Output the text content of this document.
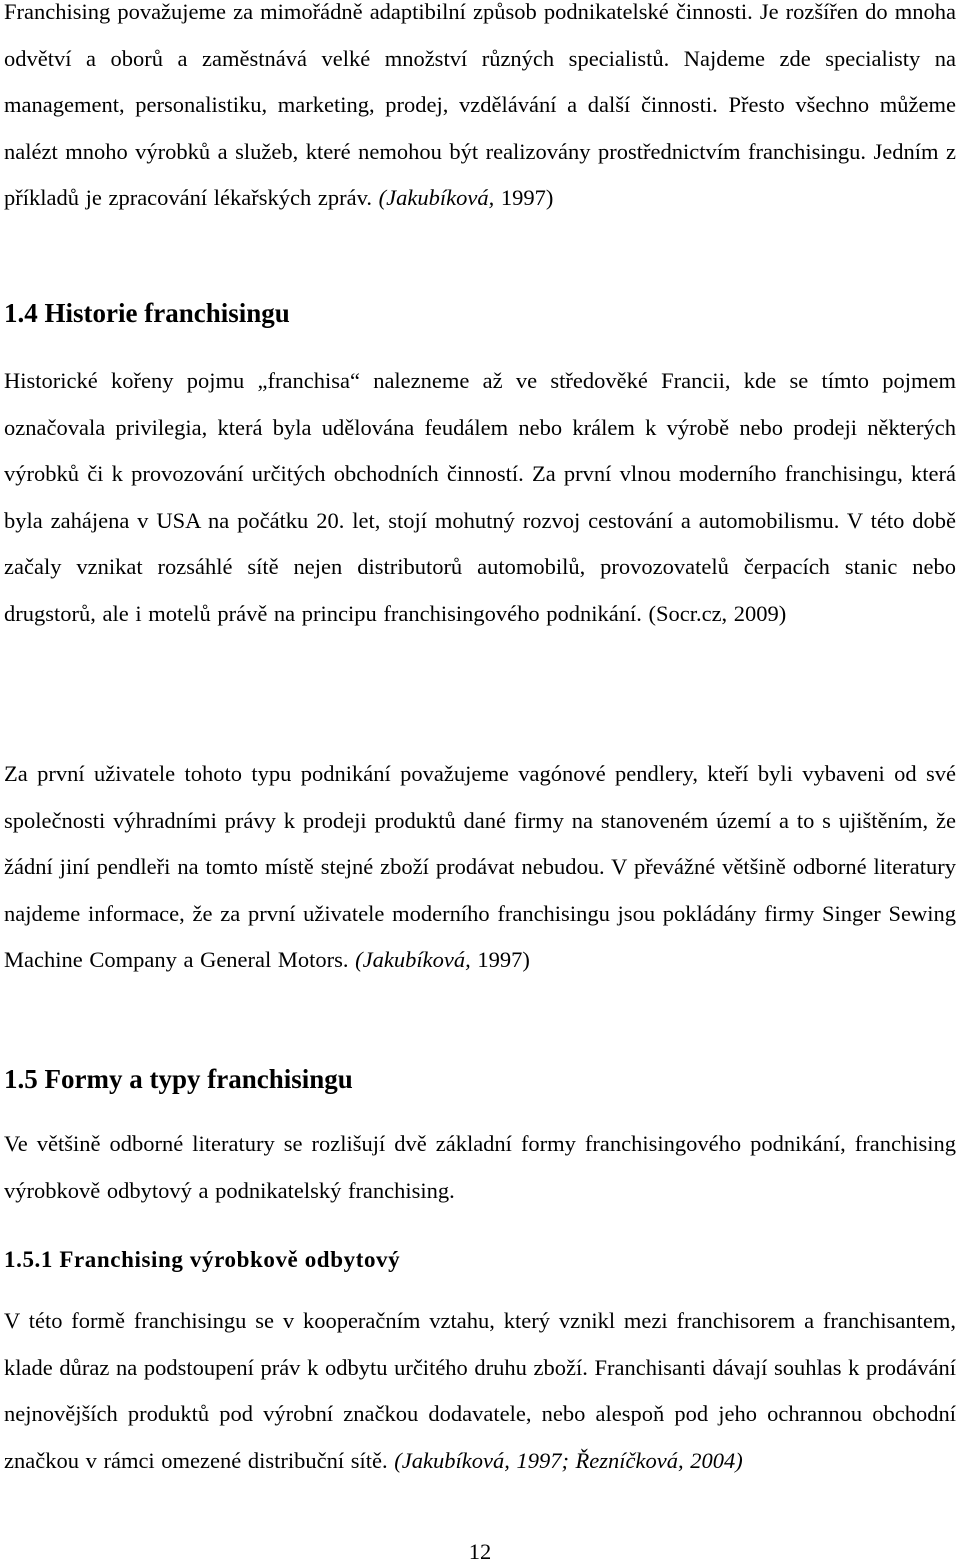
Franchising považujeme za mimořádně adaptibilní způsob podnikatelské činnosti. Je rozšířen do mnoha odvětví a oborů a zaměstnává velké množství různých specialistů. Najdeme zde specialisty na management, personalistiku, marketing, prodej, vzdělávání a další činnosti. Přesto všechno můžeme nalézt mnoho výrobků a služeb, které nemohou být realizovány prostřednictvím franchisingu. Jedním z příkladů je zpracování lékařských zpráv. (Jakubíková, 1997)

1.4 Historie franchisingu

Historické kořeny pojmu „franchisa“ nalezneme až ve středověké Francii, kde se tímto pojmem označovala privilegia, která byla udělována feudálem nebo králem k výrobě nebo prodeji některých výrobků či k provozování určitých obchodních činností. Za první vlnou moderního franchisingu, která byla zahájena v USA na počátku 20. let, stojí mohutný rozvoj cestování a automobilismu. V této době začaly vznikat rozsáhlé sítě nejen distributorů automobilů, provozovatelů čerpacích stanic nebo drugstorů, ale i motelů právě na principu franchisingového podnikání. (Socr.cz, 2009)

Za první uživatele tohoto typu podnikání považujeme vagónové pendlery, kteří byli vybaveni od své společnosti výhradními právy k prodeji produktů dané firmy na stanoveném území a to s ujištěním, že žádní jiní pendleři na tomto místě stejné zboží prodávat nebudou. V převážné většině odborné literatury najdeme informace, že za první uživatele moderního franchisingu jsou pokládány firmy Singer Sewing Machine Company a General Motors. (Jakubíková, 1997)

1.5 Formy a typy franchisingu

Ve většině odborné literatury se rozlišují dvě základní formy franchisingového podnikání, franchising výrobkově odbytový a podnikatelský franchising.

1.5.1 Franchising výrobkově odbytový

V této formě franchisingu se v kooperačním vztahu, který vznikl mezi franchisorem a franchisantem, klade důraz na podstoupení práv k odbytu určitého druhu zboží. Franchisanti dávají souhlas k prodávání nejnovějších produktů pod výrobní značkou dodavatele, nebo alespoň pod jeho ochrannou obchodní značkou v rámci omezené distribuční sítě. (Jakubíková, 1997; Řezníčková, 2004)

12
